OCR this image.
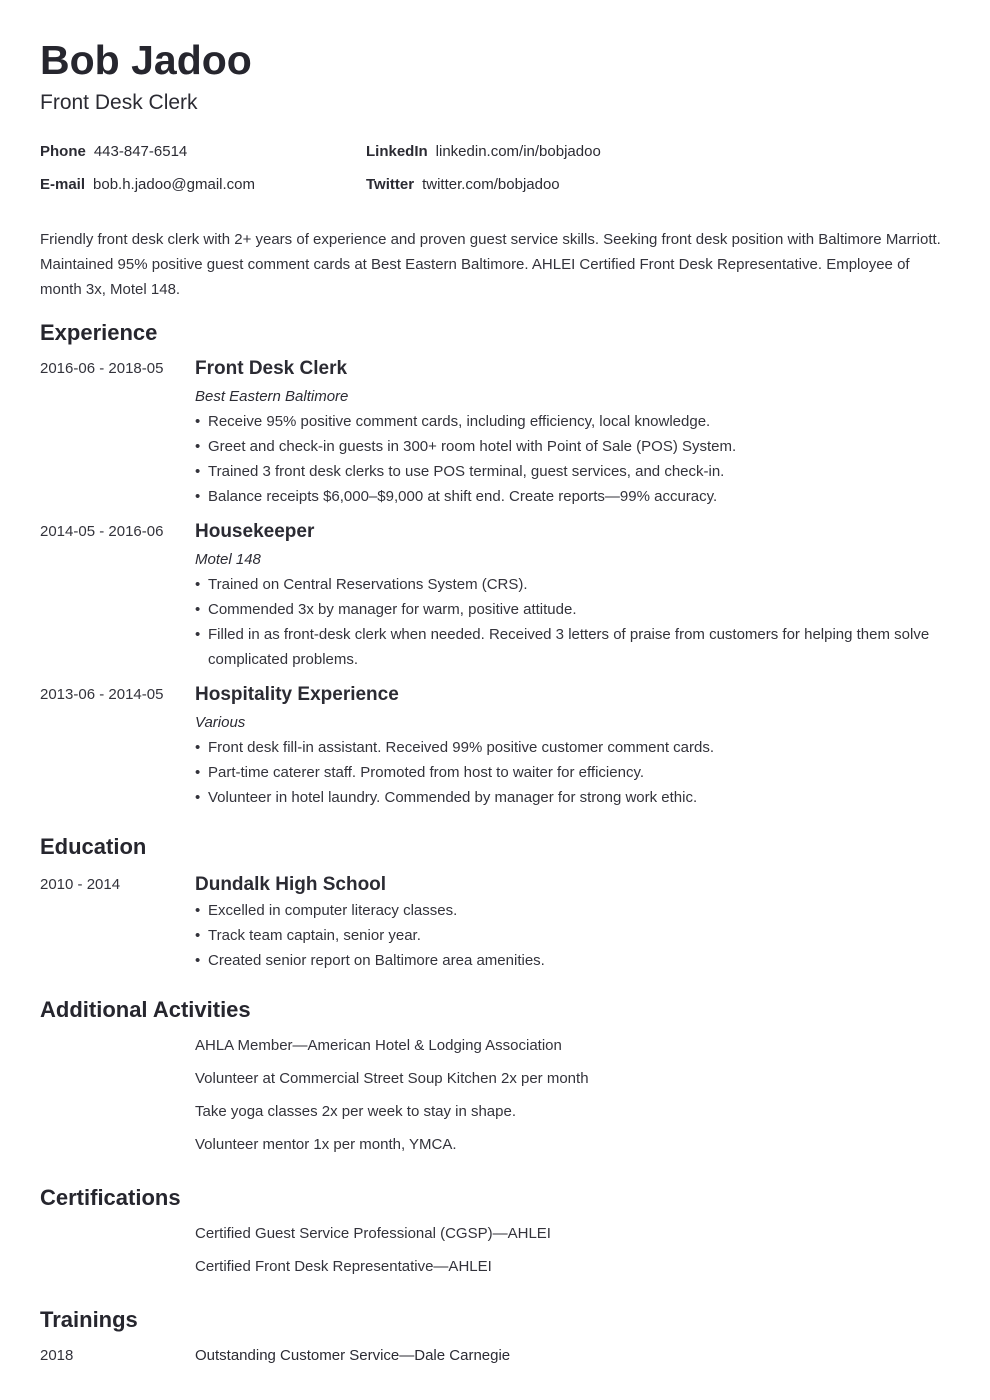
Bob Jadoo
Front Desk Clerk
Phone 443-847-6514	LinkedIn linkedin.com/in/bobjadoo
E-mail bob.h.jadoo@gmail.com	Twitter twitter.com/bobjadoo

Friendly front desk clerk with 2+ years of experience and proven guest service skills. Seeking front desk position with Baltimore Marriott. Maintained 95% positive guest comment cards at Best Eastern Baltimore. AHLEI Certified Front Desk Representative. Employee of month 3x, Motel 148.

Experience
2016-06 - 2018-05	Front Desk Clerk
Best Eastern Baltimore
• Receive 95% positive comment cards, including efficiency, local knowledge.
• Greet and check-in guests in 300+ room hotel with Point of Sale (POS) System.
• Trained 3 front desk clerks to use POS terminal, guest services, and check-in.
• Balance receipts $6,000–$9,000 at shift end. Create reports—99% accuracy.
2014-05 - 2016-06	Housekeeper
Motel 148
• Trained on Central Reservations System (CRS).
• Commended 3x by manager for warm, positive attitude.
• Filled in as front-desk clerk when needed. Received 3 letters of praise from customers for helping them solve complicated problems.
2013-06 - 2014-05	Hospitality Experience
Various
• Front desk fill-in assistant. Received 99% positive customer comment cards.
• Part-time caterer staff. Promoted from host to waiter for efficiency.
• Volunteer in hotel laundry. Commended by manager for strong work ethic.
Education
2010 - 2014	Dundalk High School
• Excelled in computer literacy classes.
• Track team captain, senior year.
• Created senior report on Baltimore area amenities.
Additional Activities
AHLA Member—American Hotel & Lodging Association
Volunteer at Commercial Street Soup Kitchen 2x per month
Take yoga classes 2x per week to stay in shape.
Volunteer mentor 1x per month, YMCA.
Certifications
Certified Guest Service Professional (CGSP)—AHLEI
Certified Front Desk Representative—AHLEI
Trainings
2018	Outstanding Customer Service—Dale Carnegie
